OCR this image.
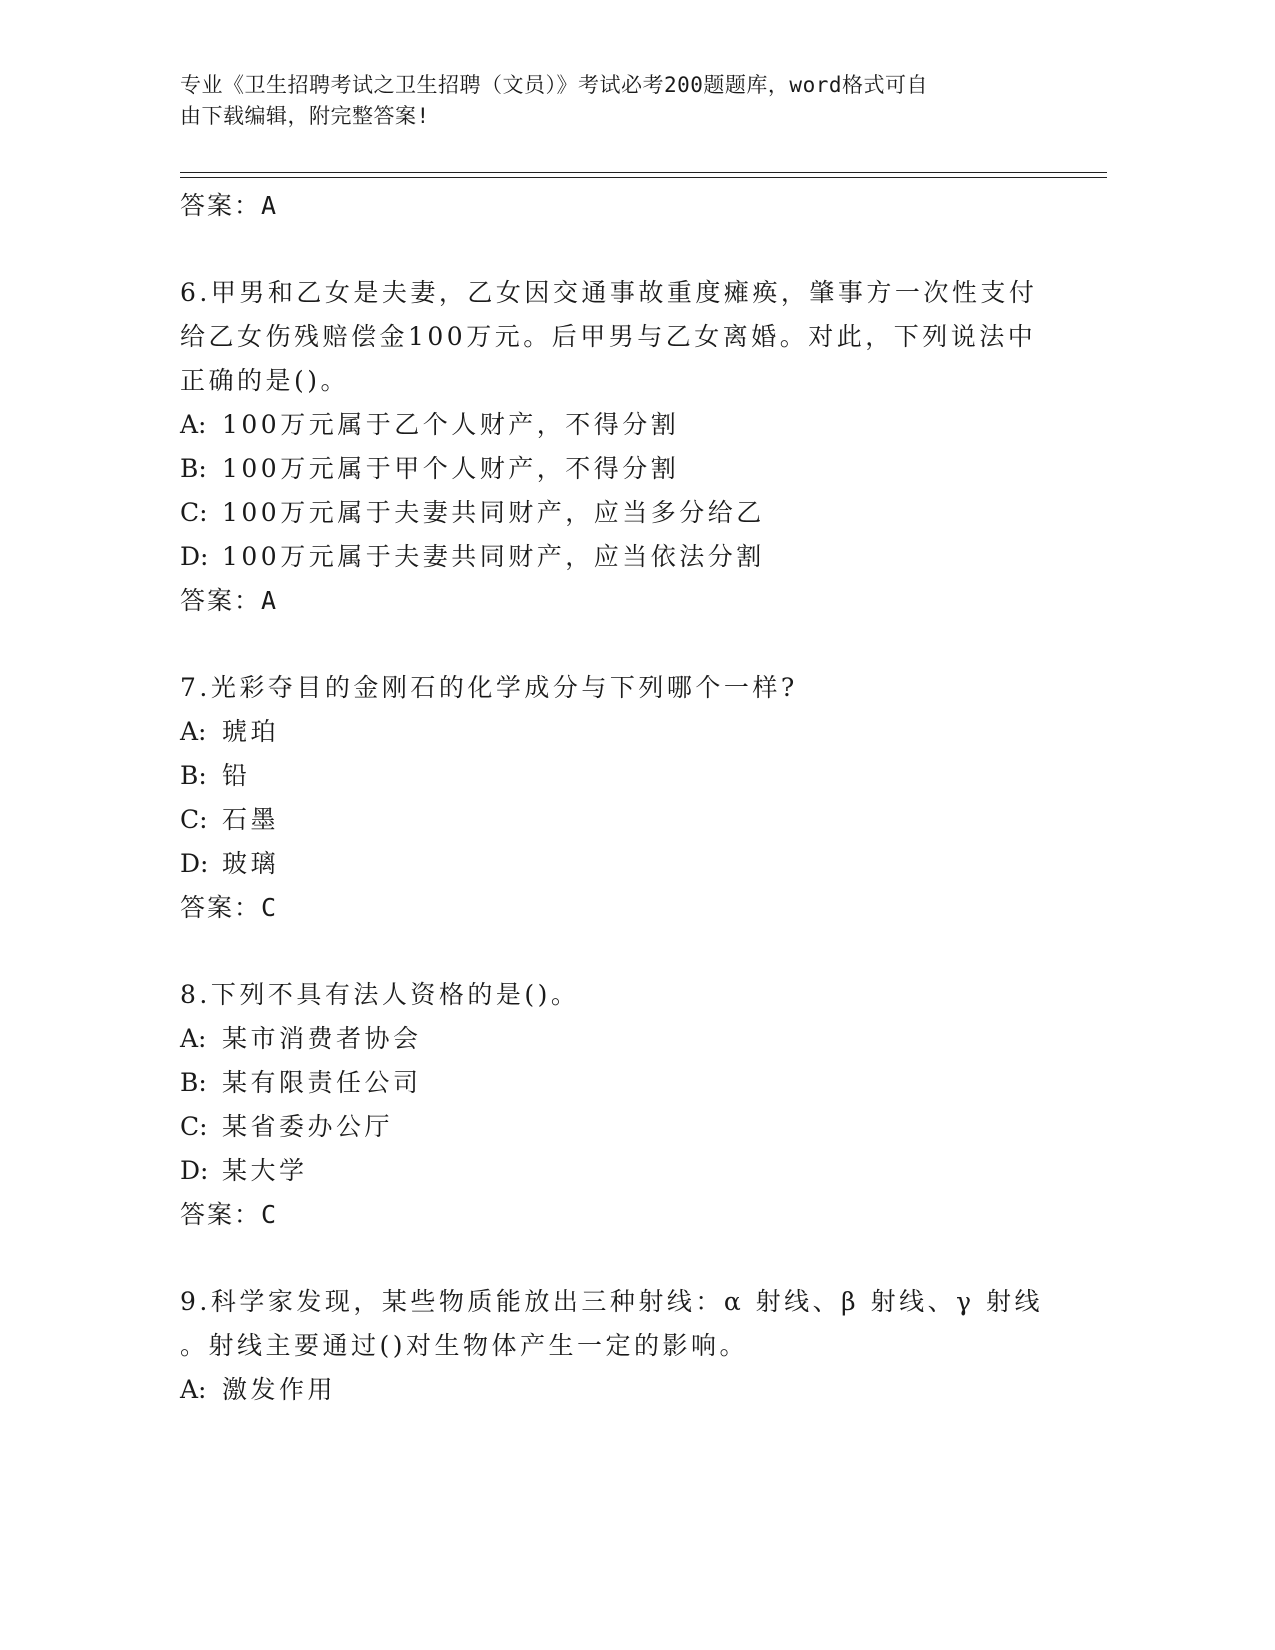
专业《卫生招聘考试之卫生招聘（文员）》考试必考200题题库，word格式可自
由下载编辑，附完整答案!
答案：A
6.甲男和乙女是夫妻，乙女因交通事故重度瘫痪，肇事方一次性支付
给乙女伤残赔偿金100万元。后甲男与乙女离婚。对此，下列说法中
正确的是()。
A: 100万元属于乙个人财产，不得分割
B: 100万元属于甲个人财产，不得分割
C: 100万元属于夫妻共同财产，应当多分给乙
D: 100万元属于夫妻共同财产，应当依法分割
答案：A
7.光彩夺目的金刚石的化学成分与下列哪个一样?
A: 琥珀
B: 铅
C: 石墨
D: 玻璃
答案：C
8.下列不具有法人资格的是()。
A: 某市消费者协会
B: 某有限责任公司
C: 某省委办公厅
D: 某大学
答案：C
9.科学家发现，某些物质能放出三种射线：α 射线、β 射线、γ 射线
。射线主要通过()对生物体产生一定的影响。
A: 激发作用
